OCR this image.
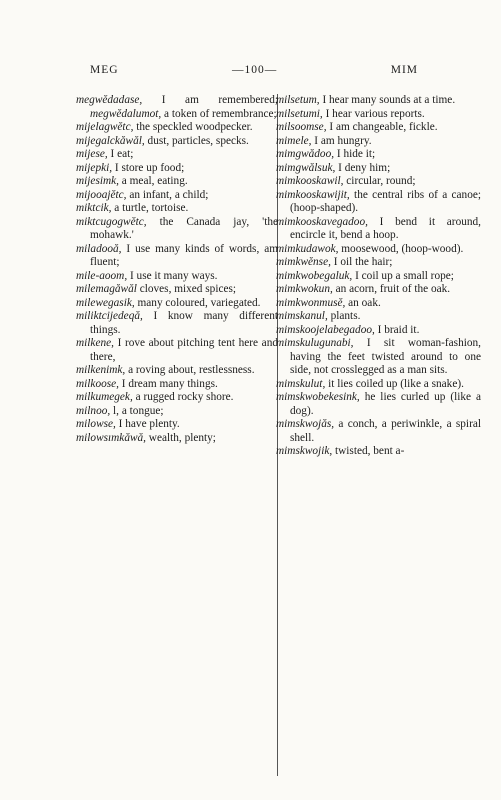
MEG	—100—	MIM

megwĕdadase, I am remembered; megwĕdalumot, a token of remembrance;

mijelagwĕtc, the speckled woodpecker.

mijegalckăwăl, dust, particles, specks.

mijese, I eat;

mijepki, I store up food;

mijesimk, a meal, eating.

mijooajĕtc, an infant, a child;

miktcik, a turtle, tortoise.

miktcugogwĕtc, the Canada jay, 'the mohawk.'

miladooă, I use many kinds of words, am fluent;

mile-aoom, I use it many ways.

milemagăwăl cloves, mixed spices;

milewegasik, many coloured, variegated.

miliktcijedeqă, I know many different things.

milkene, I rove about pitching tent here and there,

milkenimk, a roving about, restlessness.

milkoose, I dream many things.

milkumegek, a rugged rocky shore.

milnoo, l, a tongue;

milowse, I have plenty.

milowsımkăwă, wealth, plenty;

milsetum, I hear many sounds at a time.

milsetumi, I hear various reports.

milsoomse, I am changeable, fickle.

mimele, I am hungry.

mimgwădoo, I hide it;

mimgwălsuk, I deny him;

mimkooskawil, circular, round;

mimkooskawijit, the central ribs of a canoe; (hoop-shaped).

mimkooskavegadoo, I bend it around, encircle it, bend a hoop.

mimkudawok, moosewood, (hoop-wood).

mimkwĕnse, I oil the hair;

mimkwobegaluk, I coil up a small rope;

mimkwokun, an acorn, fruit of the oak.

mimkwonmusĕ, an oak.

mimskanul, plants.

mimskoojelabegadoo, I braid it.

mimskulugunabi, I sit woman-fashion, having the feet twisted around to one side, not crosslegged as a man sits.

mimskulut, it lies coiled up (like a snake).

mimskwobekesink, he lies curled up (like a dog).

mimskwojăs, a conch, a periwinkle, a spiral shell.

mimskwojik, twisted, bent a-
